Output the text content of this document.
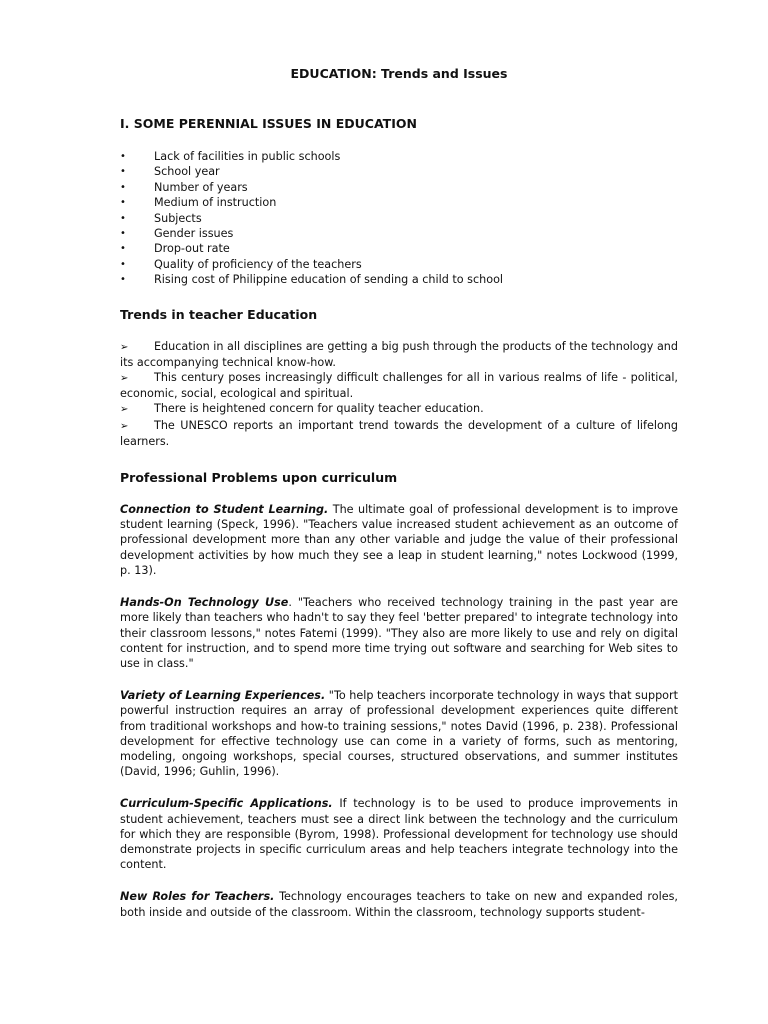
EDUCATION: Trends and Issues
I. SOME PERENNIAL ISSUES IN EDUCATION
•	Lack of facilities in public schools
•	School year
•	Number of years
•	Medium of instruction
•	Subjects
•	Gender issues
•	Drop-out rate
•	Quality of proficiency of the teachers
•	Rising cost of Philippine education of sending a child to school
Trends in teacher Education
➢ Education in all disciplines are getting a big push through the products of the technology and its accompanying technical know-how.
➢ This century poses increasingly difficult challenges for all in various realms of life - political, economic, social, ecological and spiritual.
➢ There is heightened concern for quality teacher education.
➢ The UNESCO reports an important trend towards the development of a culture of lifelong learners.
Professional Problems upon curriculum

Connection to Student Learning. The ultimate goal of professional development is to improve student learning (Speck, 1996). "Teachers value increased student achievement as an outcome of professional development more than any other variable and judge the value of their professional development activities by how much they see a leap in student learning," notes Lockwood (1999, p. 13).

Hands-On Technology Use. "Teachers who received technology training in the past year are more likely than teachers who hadn't to say they feel 'better prepared' to integrate technology into their classroom lessons," notes Fatemi (1999). "They also are more likely to use and rely on digital content for instruction, and to spend more time trying out software and searching for Web sites to use in class."

Variety of Learning Experiences. "To help teachers incorporate technology in ways that support powerful instruction requires an array of professional development experiences quite different from traditional workshops and how-to training sessions," notes David (1996, p. 238). Professional development for effective technology use can come in a variety of forms, such as mentoring, modeling, ongoing workshops, special courses, structured observations, and summer institutes (David, 1996; Guhlin, 1996).

Curriculum-Specific Applications. If technology is to be used to produce improvements in student achievement, teachers must see a direct link between the technology and the curriculum for which they are responsible (Byrom, 1998). Professional development for technology use should demonstrate projects in specific curriculum areas and help teachers integrate technology into the content.

New Roles for Teachers. Technology encourages teachers to take on new and expanded roles, both inside and outside of the classroom. Within the classroom, technology supports student-
